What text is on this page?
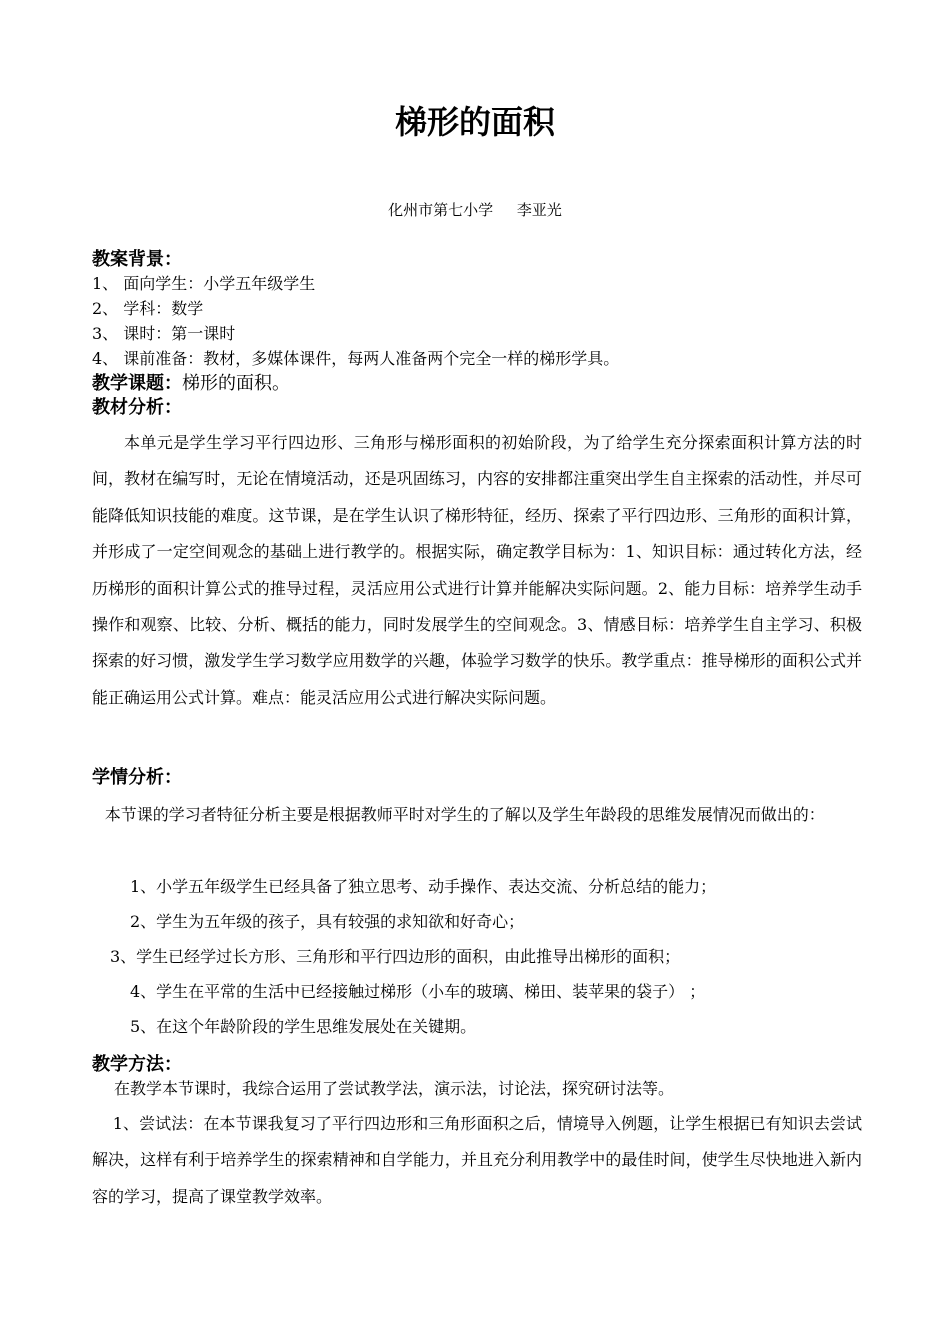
梯形的面积
化州市第七小学     李亚光

教案背景：

1、 面向学生：小学五年级学生

2、 学科：数学

3、 课时：第一课时

4、 课前准备：教材，多媒体课件，每两人准备两个完全一样的梯形学具。

教学课题：梯形的面积。

教材分析：

本单元是学生学习平行四边形、三角形与梯形面积的初始阶段，为了给学生充分探索面积计算方法的时间，教材在编写时，无论在情境活动，还是巩固练习，内容的安排都注重突出学生自主探索的活动性，并尽可能降低知识技能的难度。这节课，是在学生认识了梯形特征，经历、探索了平行四边形、三角形的面积计算，并形成了一定空间观念的基础上进行教学的。根据实际，确定教学目标为：1、知识目标：通过转化方法，经历梯形的面积计算公式的推导过程，灵活应用公式进行计算并能解决实际问题。2、能力目标：培养学生动手操作和观察、比较、分析、概括的能力，同时发展学生的空间观念。3、情感目标：培养学生自主学习、积极探索的好习惯，激发学生学习数学应用数学的兴趣，体验学习数学的快乐。教学重点：推导梯形的面积公式并能正确运用公式计算。难点：能灵活应用公式进行解决实际问题。

学情分析：

本节课的学习者特征分析主要是根据教师平时对学生的了解以及学生年龄段的思维发展情况而做出的：

1、小学五年级学生已经具备了独立思考、动手操作、表达交流、分析总结的能力；

2、学生为五年级的孩子，具有较强的求知欲和好奇心；

3、学生已经学过长方形、三角形和平行四边形的面积，由此推导出梯形的面积；

4、学生在平常的生活中已经接触过梯形（小车的玻璃、梯田、装苹果的袋子） ；

5、在这个年龄阶段的学生思维发展处在关键期。

教学方法：

在教学本节课时，我综合运用了尝试教学法，演示法，讨论法，探究研讨法等。

1、尝试法：在本节课我复习了平行四边形和三角形面积之后，情境导入例题，让学生根据已有知识去尝试解决，这样有利于培养学生的探索精神和自学能力，并且充分利用教学中的最佳时间，使学生尽快地进入新内容的学习，提高了课堂教学效率。
